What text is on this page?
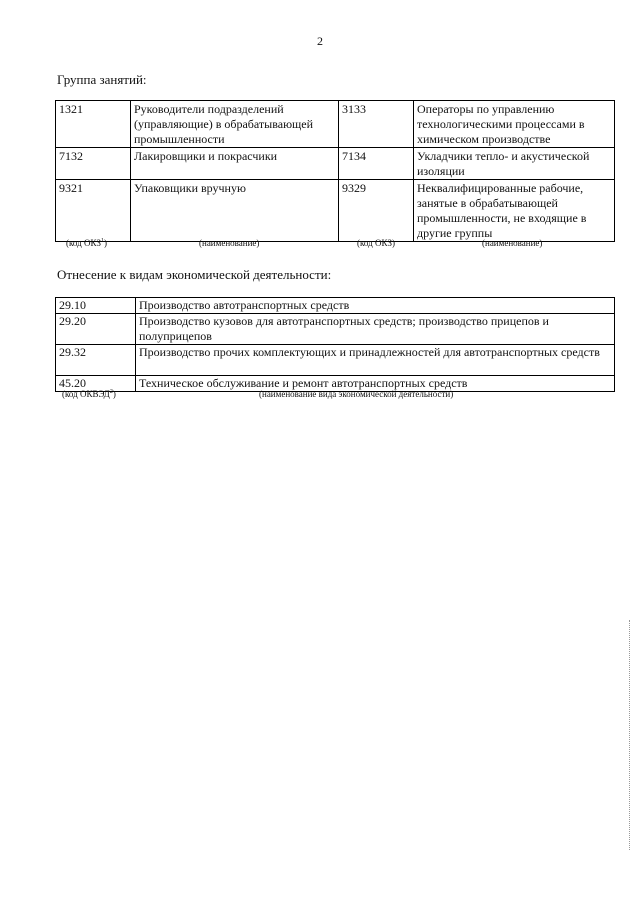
2
Группа занятий:
1321	Руководители подразделений (управляющие) в обрабатывающей промышленности	3133	Операторы по управлению технологическими процессами в химическом производстве
7132	Лакировщики и покрасчики	7134	Укладчики тепло- и акустической изоляции
9321	Упаковщики вручную	9329	Неквалифицированные рабочие, занятые в обрабатывающей промышленности, не входящие в другие группы
(код ОКЗ$^1$)	(наименование)	(код ОКЗ)	(наименование)
Отнесение к видам экономической деятельности:
29.10	Производство автотранспортных средств
29.20	Производство кузовов для автотранспортных средств; производство прицепов и полуприцепов
29.32	Производство прочих комплектующих и принадлежностей для автотранспортных средств
45.20	Техническое обслуживание и ремонт автотранспортных средств
(код ОКВЭД$^2$)	(наименование вида экономической деятельности)
